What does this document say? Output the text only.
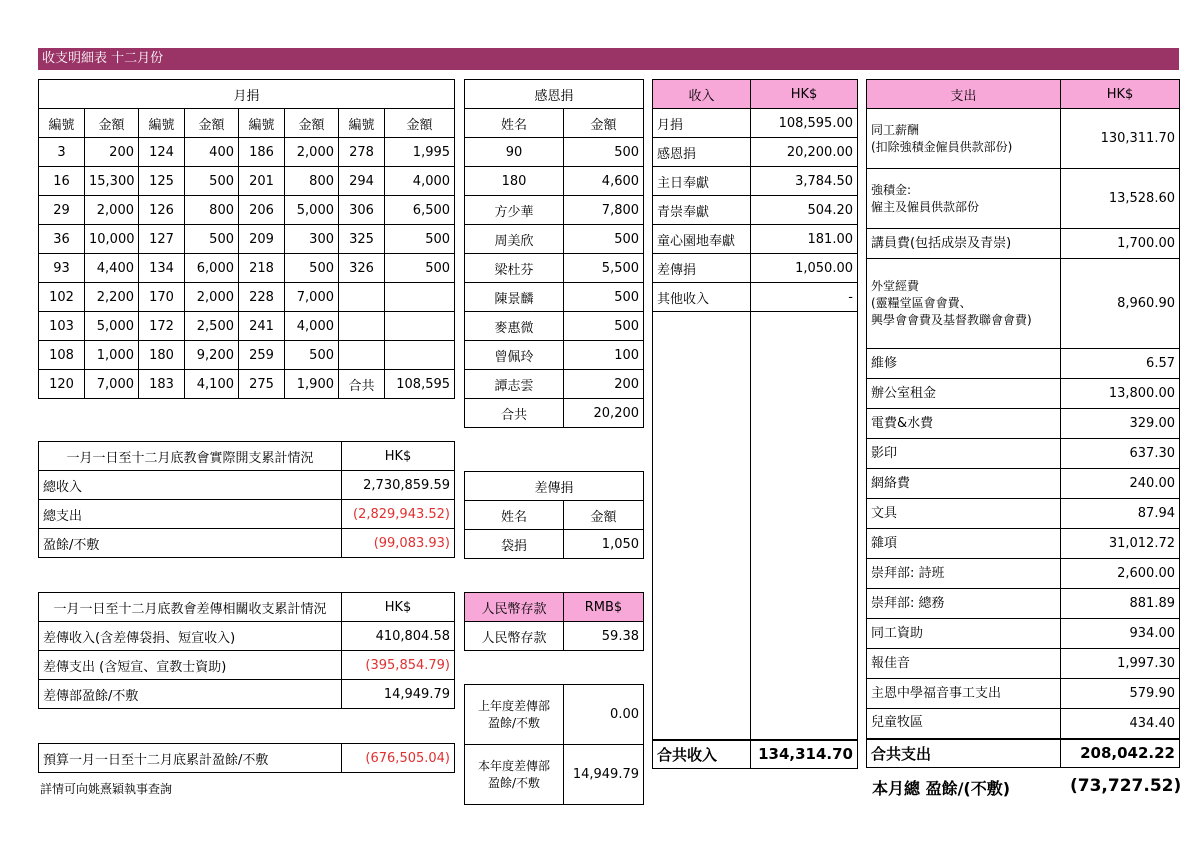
收支明細表 十二月份
月捐							
編號	金額	編號	金額	編號	金額	編號	金額
3	200	124	400	186	2,000	278	1,995
16	15,300	125	500	201	800	294	4,000
29	2,000	126	800	206	5,000	306	6,500
36	10,000	127	500	209	300	325	500
93	4,400	134	6,000	218	500	326	500
102	2,200	170	2,000	228	7,000		
103	5,000	172	2,500	241	4,000		
108	1,000	180	9,200	259	500		
120	7,000	183	4,100	275	1,900	合共	108,595
感恩捐	
姓名	金額
90	500
180	4,600
方少華	7,800
周美欣	500
梁杜芬	5,500
陳景麟	500
麥惠微	500
曾佩玲	100
譚志雲	200
合共	20,200
收入	HK$
月捐	108,595.00
感恩捐	20,200.00
主日奉獻	3,784.50
青崇奉獻	504.20
童心園地奉獻	181.00
差傳捐	1,050.00
其他收入	-

合共收入	134,314.70
支出	HK$
同工薪酬
(扣除強積金僱員供款部份)	130,311.70
強積金:
僱主及僱員供款部份	13,528.60
講員費(包括成崇及青崇)	1,700.00
外堂經費
(靈糧堂區會會費、
興學會會費及基督教聯會會費)	8,960.90
維修	6.57
辦公室租金	13,800.00
電費&水費	329.00
影印	637.30
網絡費	240.00
文具	87.94
雜項	31,012.72
崇拜部: 詩班	2,600.00
崇拜部: 總務	881.89
同工資助	934.00
報佳音	1,997.30
主恩中學福音事工支出	579.90
兒童牧區	434.40
合共支出	208,042.22
本月總 盈餘/(不敷)	(73,727.52)
一月一日至十二月底教會實際開支累計情況	HK$
總收入	2,730,859.59
總支出	(2,829,943.52)
盈餘/不敷	(99,083.93)
一月一日至十二月底教會差傳相關收支累計情況	HK$
差傳收入(含差傳袋捐、短宣收入)	410,804.58
差傳支出 (含短宣、宣教士資助)	(395,854.79)
差傳部盈餘/不敷	14,949.79
預算一月一日至十二月底累計盈餘/不敷	(676,505.04)
詳情可向姚熹穎執事查詢
差傳捐	
姓名	金額
袋捐	1,050
人民幣存款	RMB$
人民幣存款	59.38
上年度差傳部
盈餘/不敷	0.00
本年度差傳部
盈餘/不敷	14,949.79
